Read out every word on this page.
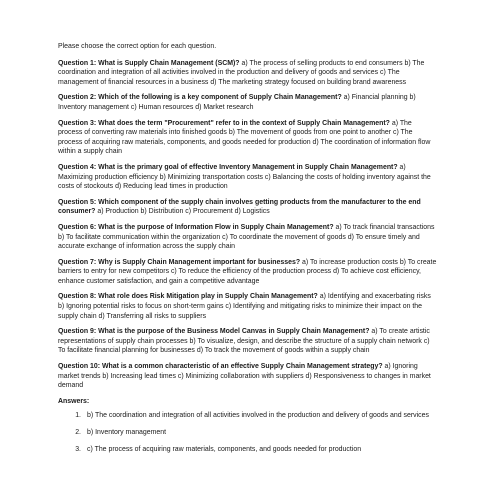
Please choose the correct option for each question.

Question 1: What is Supply Chain Management (SCM)? a) The process of selling products to end consumers b) The coordination and integration of all activities involved in the production and delivery of goods and services c) The management of financial resources in a business d) The marketing strategy focused on building brand awareness

Question 2: Which of the following is a key component of Supply Chain Management? a) Financial planning b) Inventory management c) Human resources d) Market research

Question 3: What does the term "Procurement" refer to in the context of Supply Chain Management? a) The process of converting raw materials into finished goods b) The movement of goods from one point to another c) The process of acquiring raw materials, components, and goods needed for production d) The coordination of information flow within a supply chain

Question 4: What is the primary goal of effective Inventory Management in Supply Chain Management? a) Maximizing production efficiency b) Minimizing transportation costs c) Balancing the costs of holding inventory against the costs of stockouts d) Reducing lead times in production

Question 5: Which component of the supply chain involves getting products from the manufacturer to the end consumer? a) Production b) Distribution c) Procurement d) Logistics

Question 6: What is the purpose of Information Flow in Supply Chain Management? a) To track financial transactions b) To facilitate communication within the organization c) To coordinate the movement of goods d) To ensure timely and accurate exchange of information across the supply chain

Question 7: Why is Supply Chain Management important for businesses? a) To increase production costs b) To create barriers to entry for new competitors c) To reduce the efficiency of the production process d) To achieve cost efficiency, enhance customer satisfaction, and gain a competitive advantage

Question 8: What role does Risk Mitigation play in Supply Chain Management? a) Identifying and exacerbating risks b) Ignoring potential risks to focus on short-term gains c) Identifying and mitigating risks to minimize their impact on the supply chain d) Transferring all risks to suppliers

Question 9: What is the purpose of the Business Model Canvas in Supply Chain Management? a) To create artistic representations of supply chain processes b) To visualize, design, and describe the structure of a supply chain network c) To facilitate financial planning for businesses d) To track the movement of goods within a supply chain

Question 10: What is a common characteristic of an effective Supply Chain Management strategy? a) Ignoring market trends b) Increasing lead times c) Minimizing collaboration with suppliers d) Responsiveness to changes in market demand

Answers:
1. b) The coordination and integration of all activities involved in the production and delivery of goods and services
2. b) Inventory management
3. c) The process of acquiring raw materials, components, and goods needed for production
